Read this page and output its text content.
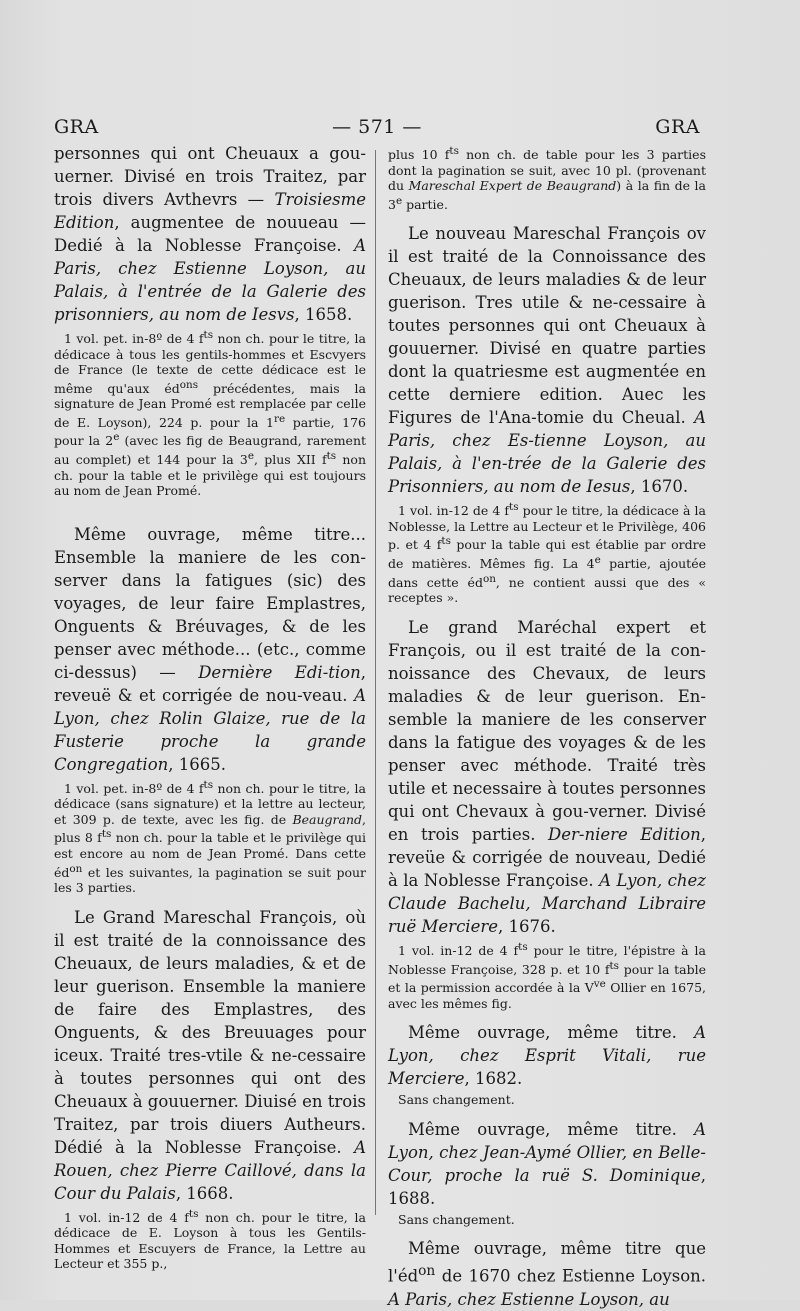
GRA	— 571 —	GRA

personnes qui ont Cheuaux a gou-uerner. Divisé en trois Traitez, par trois divers Avthevrs — Troisiesme Edition, augmentee de nouueau — Dedié à la Noblesse Françoise. A Paris, chez Estienne Loyson, au Palais, à l'entrée de la Galerie des prisonniers, au nom de Iesvs, 1658.

1 vol. pet. in-8º de 4 $f^{ts}$ non ch. pour le titre, la dédicace à tous les gentils-hommes et Escvyers de France (le texte de cette dédicace est le même qu'aux $éd^{ons}$ précédentes, mais la signature de Jean Promé est remplacée par celle de E. Loyson), 224 p. pour la 1re partie, 176 pour la 2e (avec les fig de Beaugrand, rarement au complet) et 144 pour la 3e, plus XII $f^{ts}$ non ch. pour la table et le privilège qui est toujours au nom de Jean Promé.

Même ouvrage, même titre... Ensemble la maniere de les con-server dans la fatigues (sic) des voyages, de leur faire Emplastres, Onguents & Bréuvages, & de les penser avec méthode... (etc., comme ci-dessus) — Dernière Edi-tion, reveuë & et corrigée de nou-veau. A Lyon, chez Rolin Glaize, rue de la Fusterie proche la grande Congregation, 1665.

1 vol. pet. in-8º de 4 $f^{ts}$ non ch. pour le titre, la dédicace (sans signature) et la lettre au lecteur, et 309 p. de texte, avec les fig. de Beaugrand, plus 8 $f^{ts}$ non ch. pour la table et le privilège qui est encore au nom de Jean Promé. Dans cette $éd^{on}$ et les suivantes, la pagination se suit pour les 3 parties.

Le Grand Mareschal François, où il est traité de la connoissance des Cheuaux, de leurs maladies, & et de leur guerison. Ensemble la maniere de faire des Emplastres, des Onguents, & des Breuuages pour iceux. Traité tres-vtile & ne-cessaire à toutes personnes qui ont des Cheuaux à gouuerner. Diuisé en trois Traitez, par trois diuers Autheurs. Dédié à la Noblesse Françoise. A Rouen, chez Pierre Caillové, dans la Cour du Palais, 1668.

1 vol. in-12 de 4 $f^{ts}$ non ch. pour le titre, la dédicace de E. Loyson à tous les Gentils-Hommes et Escuyers de France, la Lettre au Lecteur et 355 p.,

plus 10 $f^{ts}$ non ch. de table pour les 3 parties dont la pagination se suit, avec 10 pl. (provenant du Mareschal Expert de Beaugrand) à la fin de la 3e partie.

Le nouveau Mareschal François ov il est traité de la Connoissance des Cheuaux, de leurs maladies & de leur guerison. Tres utile & ne-cessaire à toutes personnes qui ont Cheuaux à gouuerner. Divisé en quatre parties dont la quatriesme est augmentée en cette derniere edition. Auec les Figures de l'Ana-tomie du Cheual. A Paris, chez Es-tienne Loyson, au Palais, à l'en-trée de la Galerie des Prisonniers, au nom de Iesus, 1670.

1 vol. in-12 de 4 $f^{ts}$ pour le titre, la dédicace à la Noblesse, la Lettre au Lecteur et le Privilège, 406 p. et 4 $f^{ts}$ pour la table qui est établie par ordre de matières. Mêmes fig. La 4e partie, ajoutée dans cette $éd^{on}$, ne contient aussi que des « receptes ».

Le grand Maréchal expert et François, ou il est traité de la con-noissance des Chevaux, de leurs maladies & de leur guerison. En-semble la maniere de les conserver dans la fatigue des voyages & de les penser avec méthode. Traité très utile et necessaire à toutes personnes qui ont Chevaux à gou-verner. Divisé en trois parties. Der-niere Edition, reveüe & corrigée de nouveau, Dedié à la Noblesse Françoise. A Lyon, chez Claude Bachelu, Marchand Libraire ruë Merciere, 1676.

1 vol. in-12 de 4 $f^{ts}$ pour le titre, l'épistre à la Noblesse Françoise, 328 p. et 10 $f^{ts}$ pour la table et la permission accordée à la $V^{ve}$ Ollier en 1675, avec les mêmes fig.

Même ouvrage, même titre. A Lyon, chez Esprit Vitali, rue Merciere, 1682.

Sans changement.

Même ouvrage, même titre. A Lyon, chez Jean-Aymé Ollier, en Belle-Cour, proche la ruë S. Dominique, 1688.

Sans changement.

Même ouvrage, même titre que $l'éd^{on}$ de 1670 chez Estienne Loyson. A Paris, chez Estienne Loyson, au
